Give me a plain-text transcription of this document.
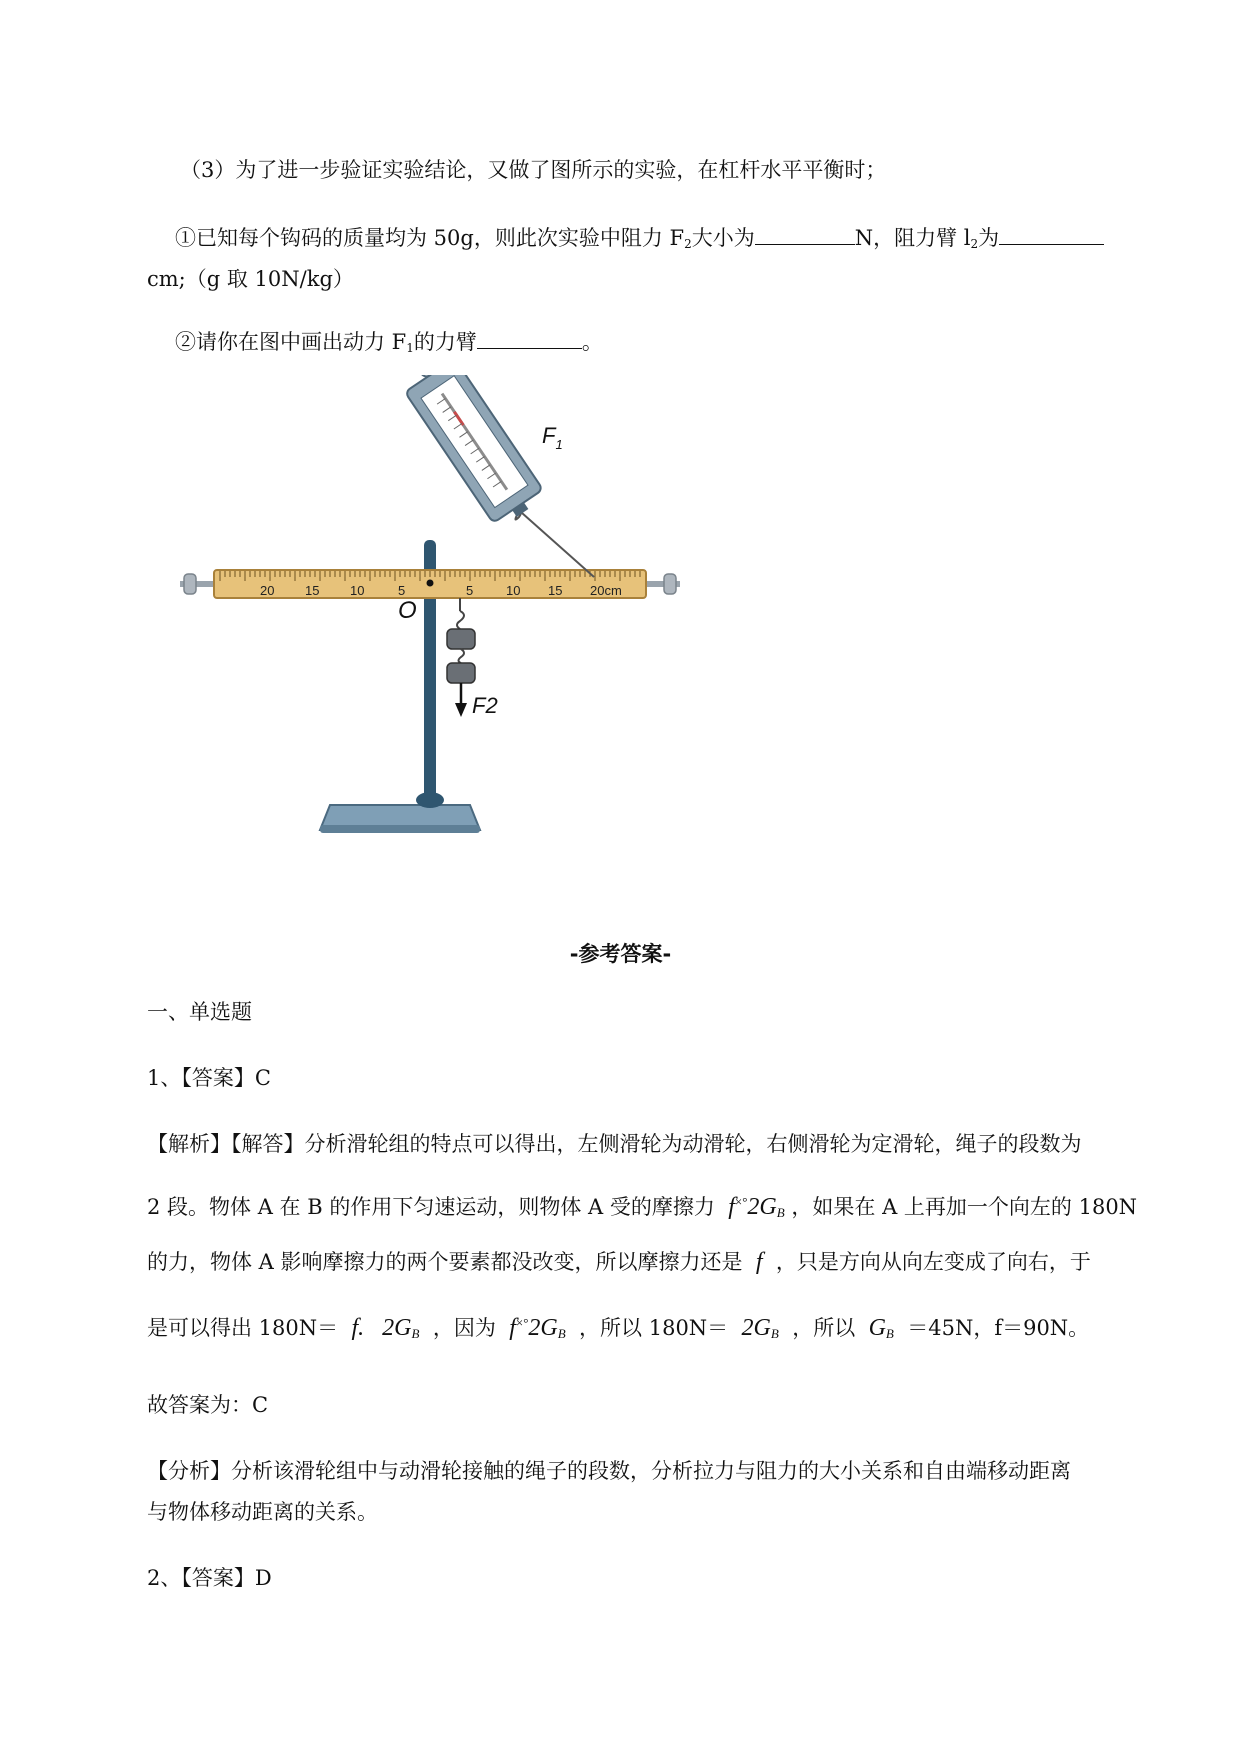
（3）为了进一步验证实验结论，又做了图所示的实验，在杠杆水平平衡时；
①已知每个钩码的质量均为 50g，则此次实验中阻力 $F_2$大小为	N，阻力臂 $l_2$为
cm;（g 取 10N/kg）
②请你在图中画出动力 $F_1$的力臂	。
20 15 10	5	5	10 15 20cm
O
$F_1$
F2
-参考答案-
一、单选题
1、【答案】C
【解析】【解答】分析滑轮组的特点可以得出，左侧滑轮为动滑轮，右侧滑轮为定滑轮，绳子的段数为
2 段。物体 A 在 B 的作用下匀速运动，则物体 A 受的摩擦力 $f^{\times^\circ}2G_B$ ，如果在 A 上再加一个向左的 180N
的力，物体 A 影响摩擦力的两个要素都没改变，所以摩擦力还是 f ，只是方向从向左变成了向右，于
是可以得出 180N＝ f.   $2G_B$ ，因为 $f^{\times^\circ}2G_B$ ，所以 $180N= 2G_B$ ，所以 $G_B =45N$，f＝90N。
故答案为：C
【分析】分析该滑轮组中与动滑轮接触的绳子的段数，分析拉力与阻力的大小关系和自由端移动距离
与物体移动距离的关系。
2、【答案】D
